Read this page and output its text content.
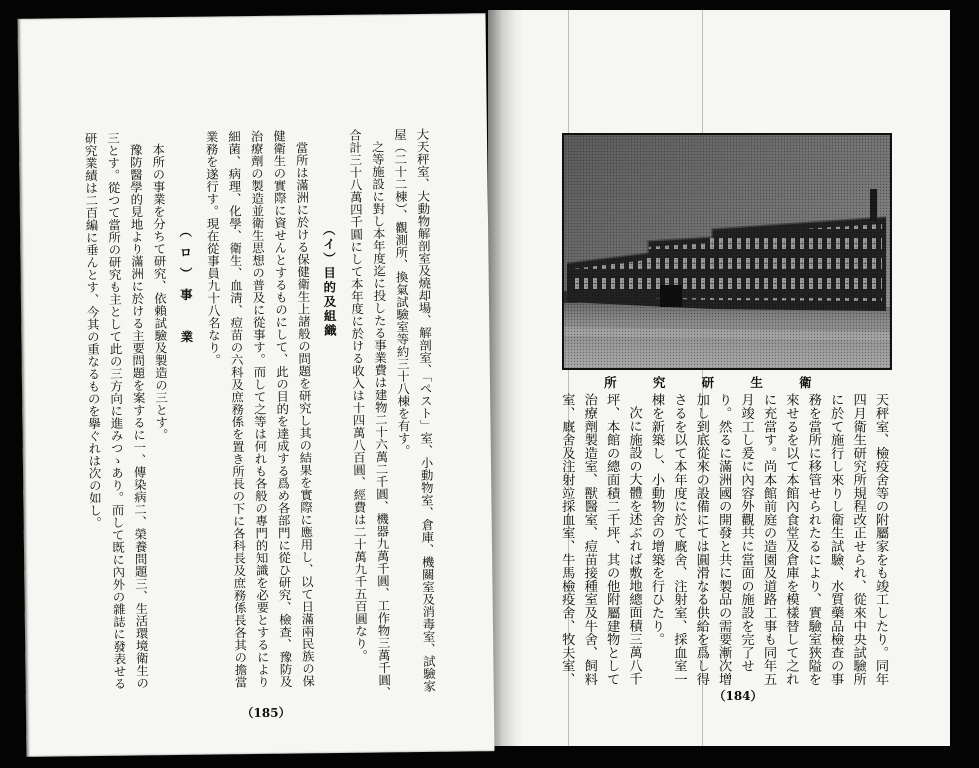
衛生研究所
天秤室、檢疫舍等の附屬家をも竣工したり。同年
四月衛生研究所規程改正せられ、從來中央試驗所
に於て施行し來りし衛生試驗、水質藥品檢查の事
務を當所に移管せられたるにより、實驗室狹隘を
來せるを以て本館內食堂及倉庫を模樣替して之れ
に充當す。尚本館前庭の造園及道路工事も同年五
月竣工し爰に內容外觀共に當面の施設を完了せ
り。然るに滿洲國の開發と共に製品の需要漸次增
加し到底從來の設備にては圓滑なる供給を爲し得
さるを以て本年度に於て廐舍、注射室、採血室一
棟を新築し、小動物舍の增築を行ひたり。
次に施設の大體を述ぶれば敷地總面積三萬八千
坪、本館の總面積二千坪、其の他附屬建物として
治療劑製造室、獸醫室、痘苗接種室及牛舍、飼料
室、廐舍及注射竝採血室、牛馬檢疫舍、牧夫室、
（184）
大天秤室、大動物解剖室及燒却場、解剖室、「ペスト」室、小動物室、倉庫、機關室及消毒室、試驗家
屋（二十二棟）、觀測所、換氣試驗室等約三十八棟を有す。
之等施設に對し本年度迄に投したる事業費は建物二十六萬二千圓、機器九萬千圓、工作物三萬千圓、
合計三十八萬四千圓にして本年度に於ける收入は十四萬八百圓、經費は二十萬九千五百圓なり。
（イ）目的及組織
當所は滿洲に於ける保健衛生上諸般の問題を研究し其の結果を實際に應用し、以て日滿兩民族の保
健衛生の實際に資せんとするものにして、此の目的を達成する爲め各部門に從ひ研究、檢查、豫防及
治療劑の製造並衛生思想の普及に從事す。而して之等は何れも各般の專門的知識を必要とするにより
細菌、病理、化學、衛生、血淸、痘苗の六科及庶務係を置き所長の下に各科長及庶務係長各其の擔當
業務を遂行す。現在從事員九十八名なり。
（ロ）事　業
本所の事業を分ちて研究、依賴試驗及製造の三とす。
豫防醫學的見地より滿洲に於ける主要問題を案するに一、傳染病二、榮養問題三、生活環境衛生の
三とす。從つて當所の研究も主として此の三方向に進みつゝあり。而して既に內外の雜誌に發表せる
研究業績は二百編に垂んとす、今其の重なるものを擧ぐれは次の如し。
（185）
